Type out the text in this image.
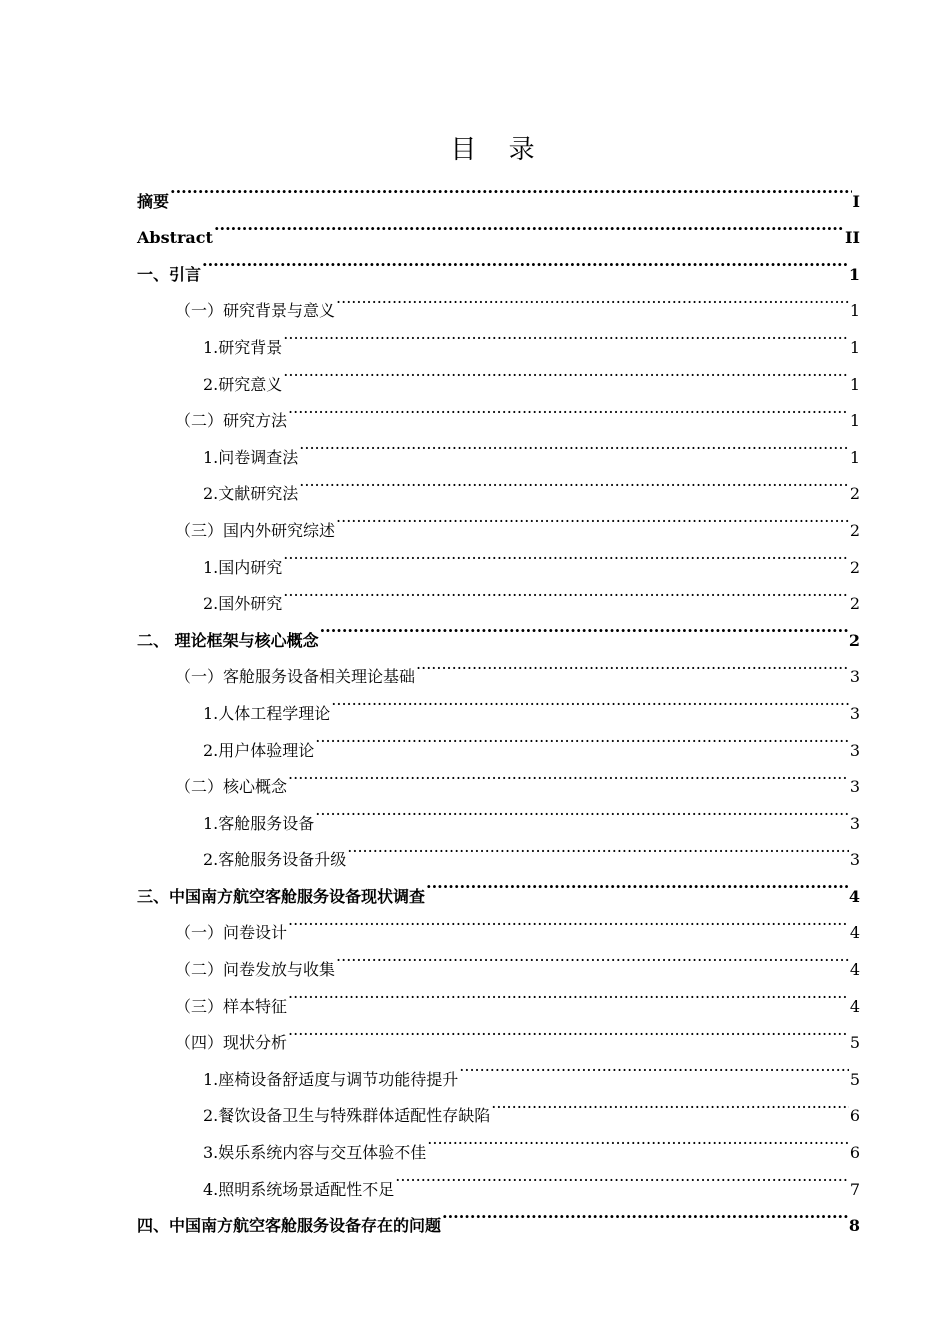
目 录
摘要 .....	I
Abstract .....	II
一、引言 .....	1
（一）研究背景与意义 .....	1
1.研究背景 .....	1
2.研究意义 .....	1
（二）研究方法 .....	1
1.问卷调查法 .....	1
2.文献研究法 .....	2
（三）国内外研究综述 .....	2
1.国内研究 .....	2
2.国外研究 .....	2
二、 理论框架与核心概念 .....	2
（一）客舱服务设备相关理论基础 .....	3
1.人体工程学理论 .....	3
2.用户体验理论 .....	3
（二）核心概念 .....	3
1.客舱服务设备 .....	3
2.客舱服务设备升级 .....	3
三、中国南方航空客舱服务设备现状调查 .....	4
（一）问卷设计 .....	4
（二）问卷发放与收集 .....	4
（三）样本特征 .....	4
（四）现状分析 .....	5
1.座椅设备舒适度与调节功能待提升 .....	5
2.餐饮设备卫生与特殊群体适配性存缺陷 .....	6
3.娱乐系统内容与交互体验不佳 .....	6
4.照明系统场景适配性不足 .....	7
四、中国南方航空客舱服务设备存在的问题 .....	8
